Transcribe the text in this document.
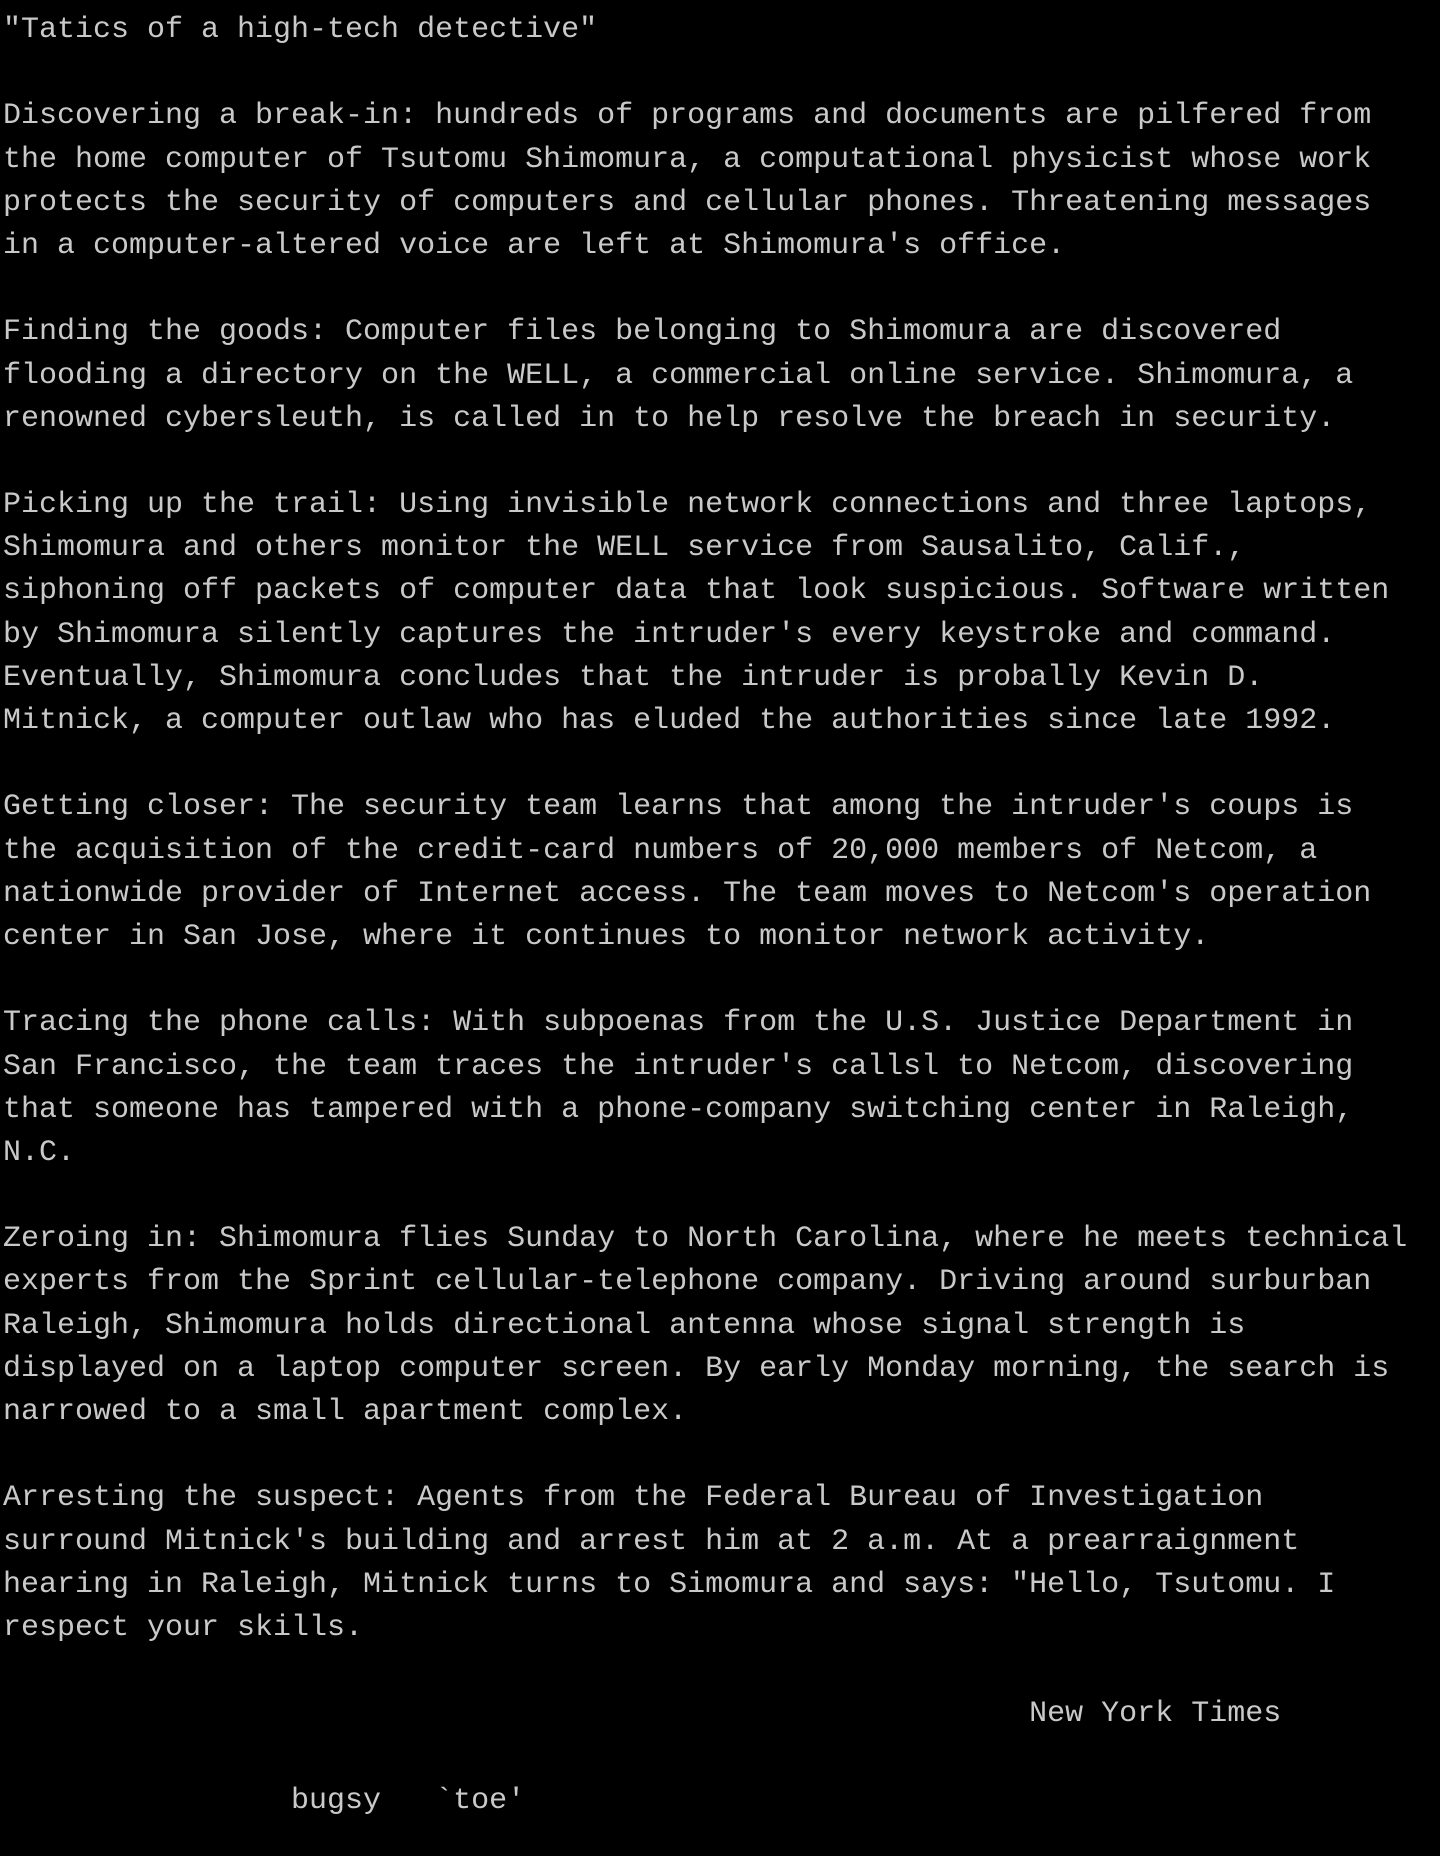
"Tatics of a high-tech detective"
Discovering a break-in: hundreds of programs and documents are pilfered from
the home computer of Tsutomu Shimomura, a computational physicist whose work
protects the security of computers and cellular phones. Threatening messages
in a computer-altered voice are left at Shimomura's office.
Finding the goods: Computer files belonging to Shimomura are discovered
flooding a directory on the WELL, a commercial online service. Shimomura, a
renowned cybersleuth, is called in to help resolve the breach in security.
Picking up the trail: Using invisible network connections and three laptops,
Shimomura and others monitor the WELL service from Sausalito, Calif.,
siphoning off packets of computer data that look suspicious. Software written
by Shimomura silently captures the intruder's every keystroke and command.
Eventually, Shimomura concludes that the intruder is probally Kevin D.
Mitnick, a computer outlaw who has eluded the authorities since late 1992.
Getting closer: The security team learns that among the intruder's coups is
the acquisition of the credit-card numbers of 20,000 members of Netcom, a
nationwide provider of Internet access. The team moves to Netcom's operation
center in San Jose, where it continues to monitor network activity.
Tracing the phone calls: With subpoenas from the U.S. Justice Department in
San Francisco, the team traces the intruder's callsl to Netcom, discovering
that someone has tampered with a phone-company switching center in Raleigh,
N.C.
Zeroing in: Shimomura flies Sunday to North Carolina, where he meets technical
experts from the Sprint cellular-telephone company. Driving around surburban
Raleigh, Shimomura holds directional antenna whose signal strength is
displayed on a laptop computer screen. By early Monday morning, the search is
narrowed to a small apartment complex.
Arresting the suspect: Agents from the Federal Bureau of Investigation
surround Mitnick's building and arrest him at 2 a.m. At a prearraignment
hearing in Raleigh, Mitnick turns to Simomura and says: "Hello, Tsutomu. I
respect your skills.
New York Times
bugsy   `toe'
